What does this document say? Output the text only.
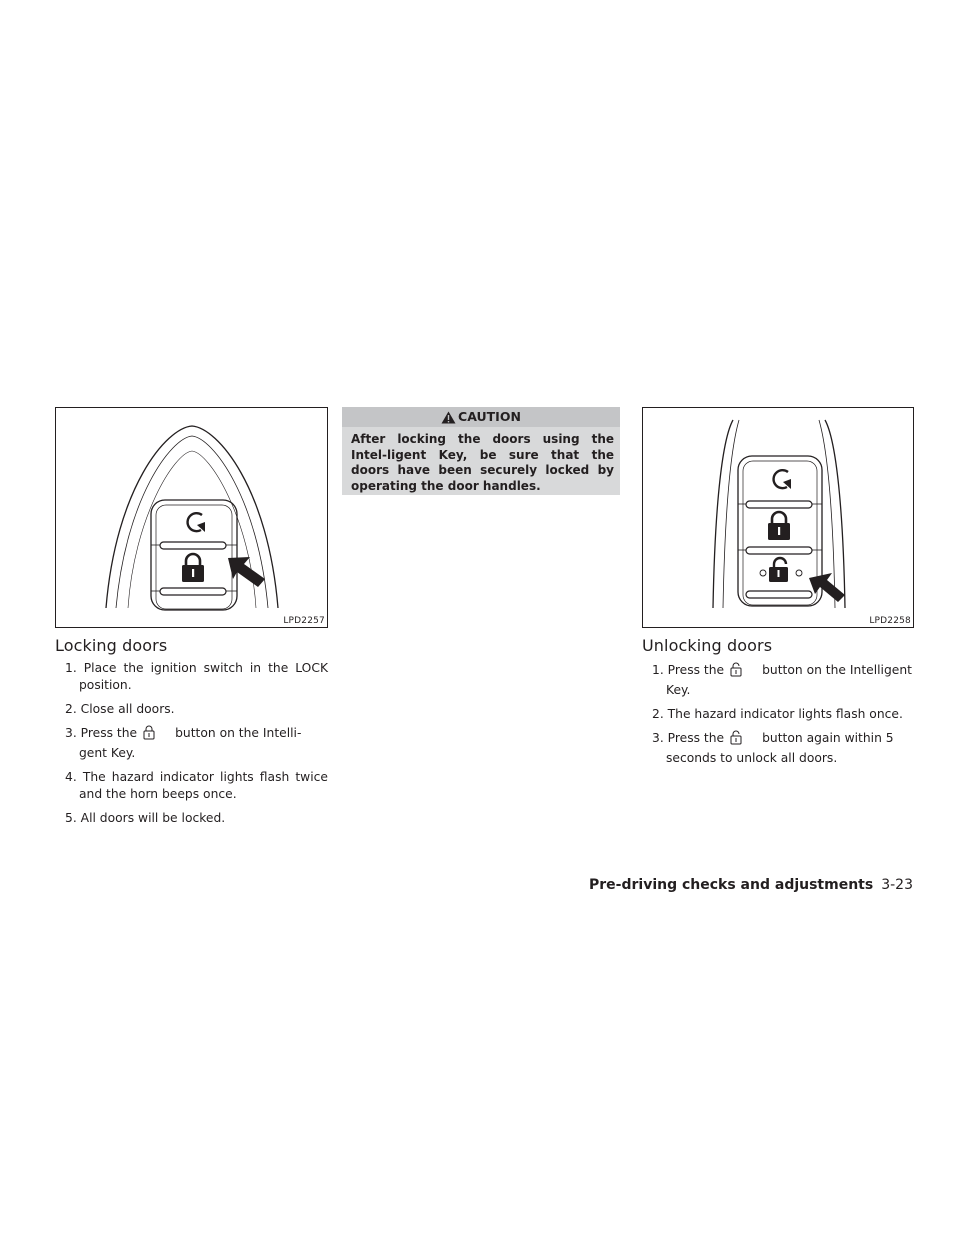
LPD2257
Locking doors
1. Place the ignition switch in the LOCK position.
2. Close all doors.
3. Press the	button on the Intelli-gent Key.
4. The hazard indicator lights flash twice and the horn beeps once.
5. All doors will be locked.
CAUTION
After locking the doors using the Intel-ligent Key, be sure that the doors have been securely locked by operating the door handles.
LPD2258
Unlocking doors
1. Press the	button on the Intelligent Key.
2. The hazard indicator lights flash once.
3. Press the	button again within 5 seconds to unlock all doors.
Pre-driving checks and adjustments 3-23
